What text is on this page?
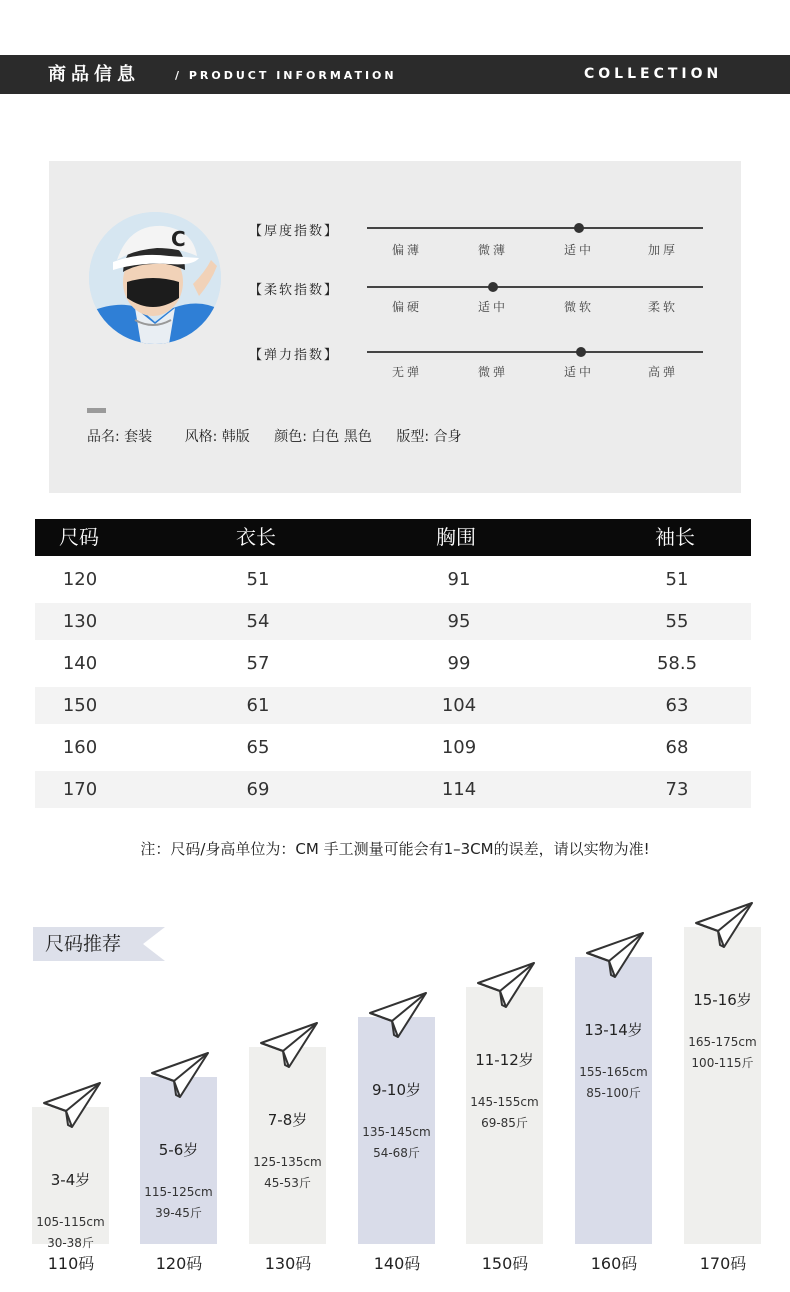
商品信息	/ PRODUCT INFORMATION	COLLECTION
C	【厚度指数】
偏薄	微薄	适中	加厚
【柔软指数】
偏硬	适中	微软	柔软
【弹力指数】
无弹	微弹	适中	高弹
品名: 套装 风格: 韩版 颜色: 白色 黑色 版型: 合身
尺码	衣长	胸围	袖长
120	51	91	51
130	54	95	55
140	57	99	58.5
150	61	104	63
160	65	109	68
170	69	114	73
注：尺码/身高单位为：CM 手工测量可能会有1–3CM的误差，请以实物为准!
尺码推荐
3-4岁
105-115cm
30-38斤
110码
5-6岁
115-125cm
39-45斤
120码
7-8岁
125-135cm
45-53斤
130码
9-10岁
135-145cm
54-68斤
140码
11-12岁
145-155cm
69-85斤
150码
13-14岁
155-165cm
85-100斤
160码
15-16岁
165-175cm
100-115斤
170码
